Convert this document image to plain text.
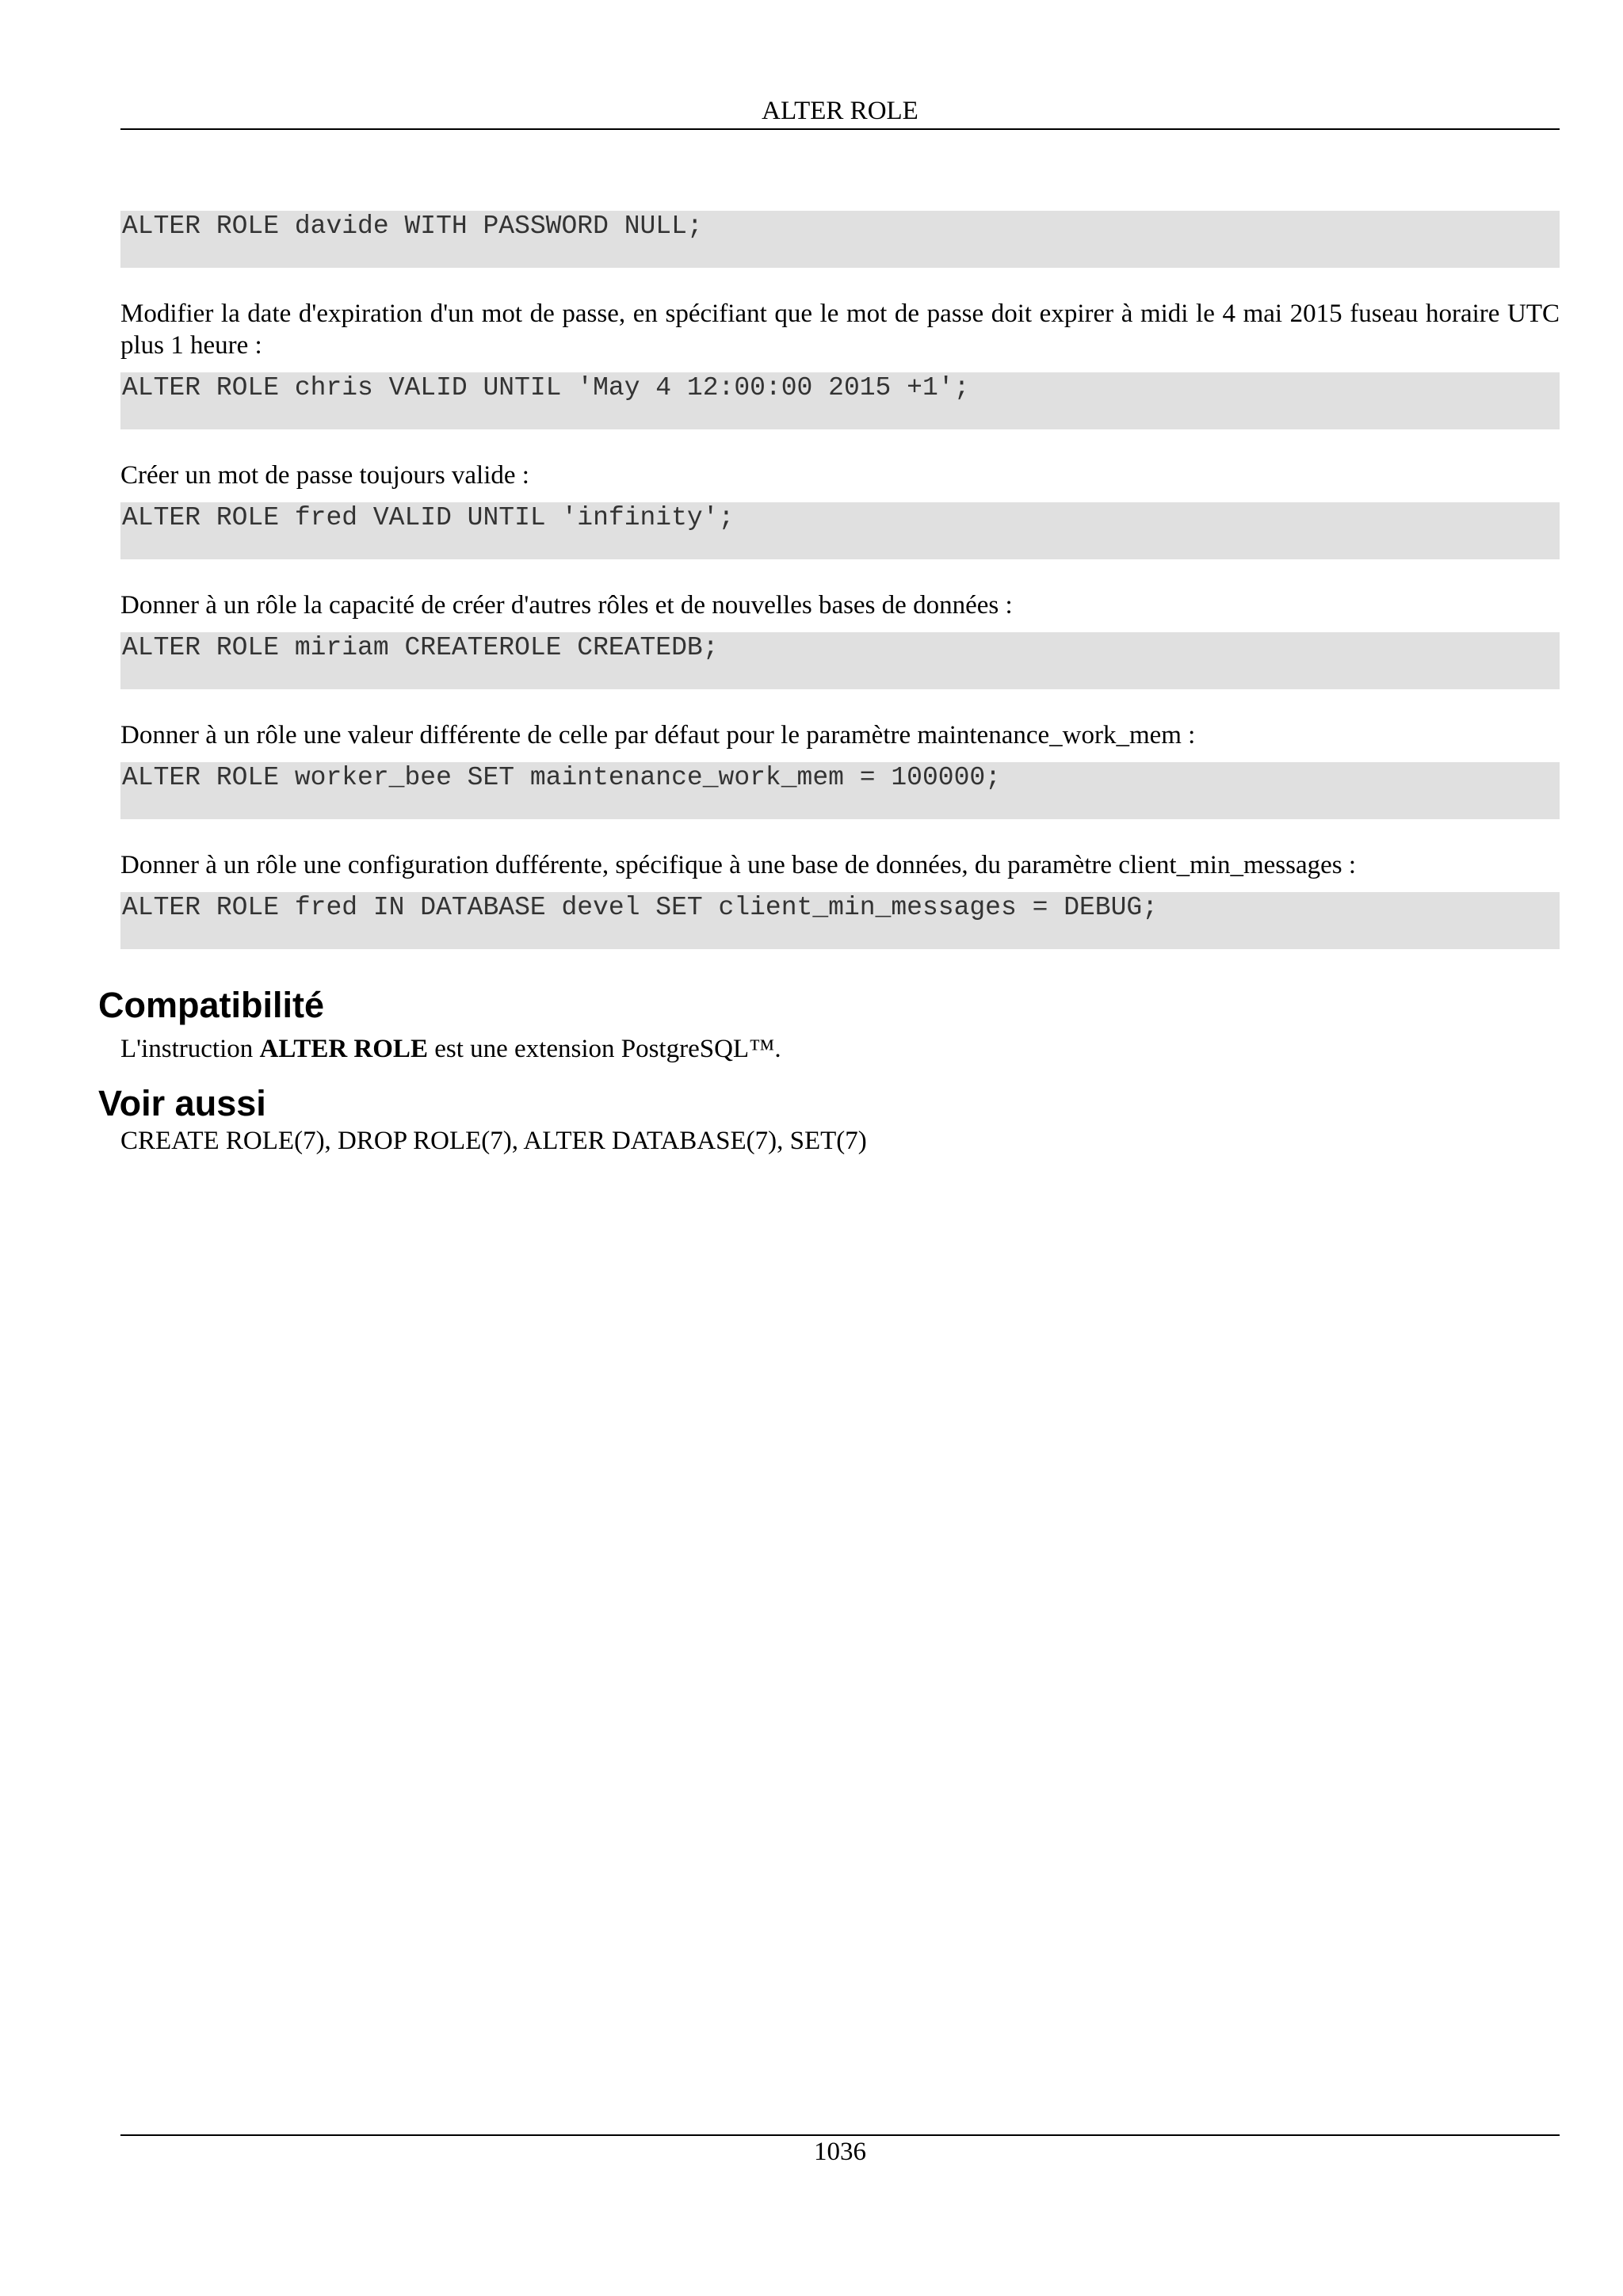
ALTER ROLE
ALTER ROLE davide WITH PASSWORD NULL;

Modifier la date d'expiration d'un mot de passe, en spécifiant que le mot de passe doit expirer à midi le 4 mai 2015 fuseau horaire UTC plus 1 heure :

ALTER ROLE chris VALID UNTIL 'May 4 12:00:00 2015 +1';

Créer un mot de passe toujours valide :

ALTER ROLE fred VALID UNTIL 'infinity';

Donner à un rôle la capacité de créer d'autres rôles et de nouvelles bases de données :

ALTER ROLE miriam CREATEROLE CREATEDB;

Donner à un rôle une valeur différente de celle par défaut pour le paramètre maintenance_work_mem :

ALTER ROLE worker_bee SET maintenance_work_mem = 100000;

Donner à un rôle une configuration dufférente, spécifique à une base de données, du paramètre client_min_messages :

ALTER ROLE fred IN DATABASE devel SET client_min_messages = DEBUG;
Compatibilité

L'instruction ALTER ROLE est une extension PostgreSQL™.

Voir aussi

CREATE ROLE(7), DROP ROLE(7), ALTER DATABASE(7), SET(7)

1036
